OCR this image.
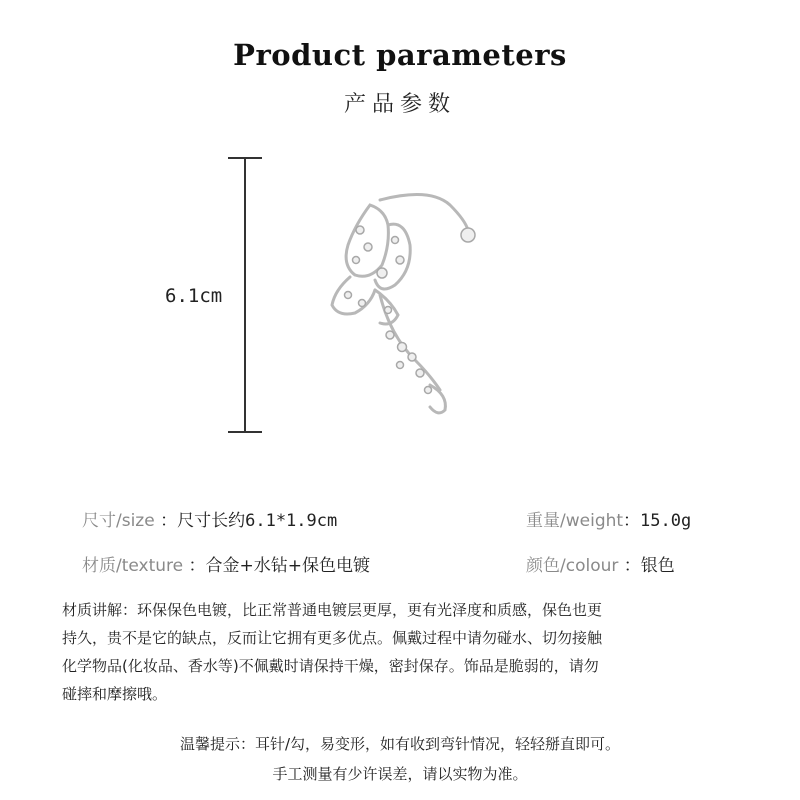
Product parameters
产品参数
6.1cm
尺寸/size ：尺寸长约6.1*1.9cm	重量/weight：15.0g
材质/texture ：合金+水钻+保色电镀	颜色/colour ：银色
材质讲解：环保保色电镀，比正常普通电镀层更厚，更有光泽度和质感，保色也更
持久，贵不是它的缺点，反而让它拥有更多优点。佩戴过程中请勿碰水、切勿接触
化学物品(化妆品、香水等)不佩戴时请保持干燥，密封保存。饰品是脆弱的，请勿
碰摔和摩擦哦。
温馨提示：耳针/勾，易变形，如有收到弯针情况，轻轻掰直即可。
手工测量有少许误差，请以实物为准。
